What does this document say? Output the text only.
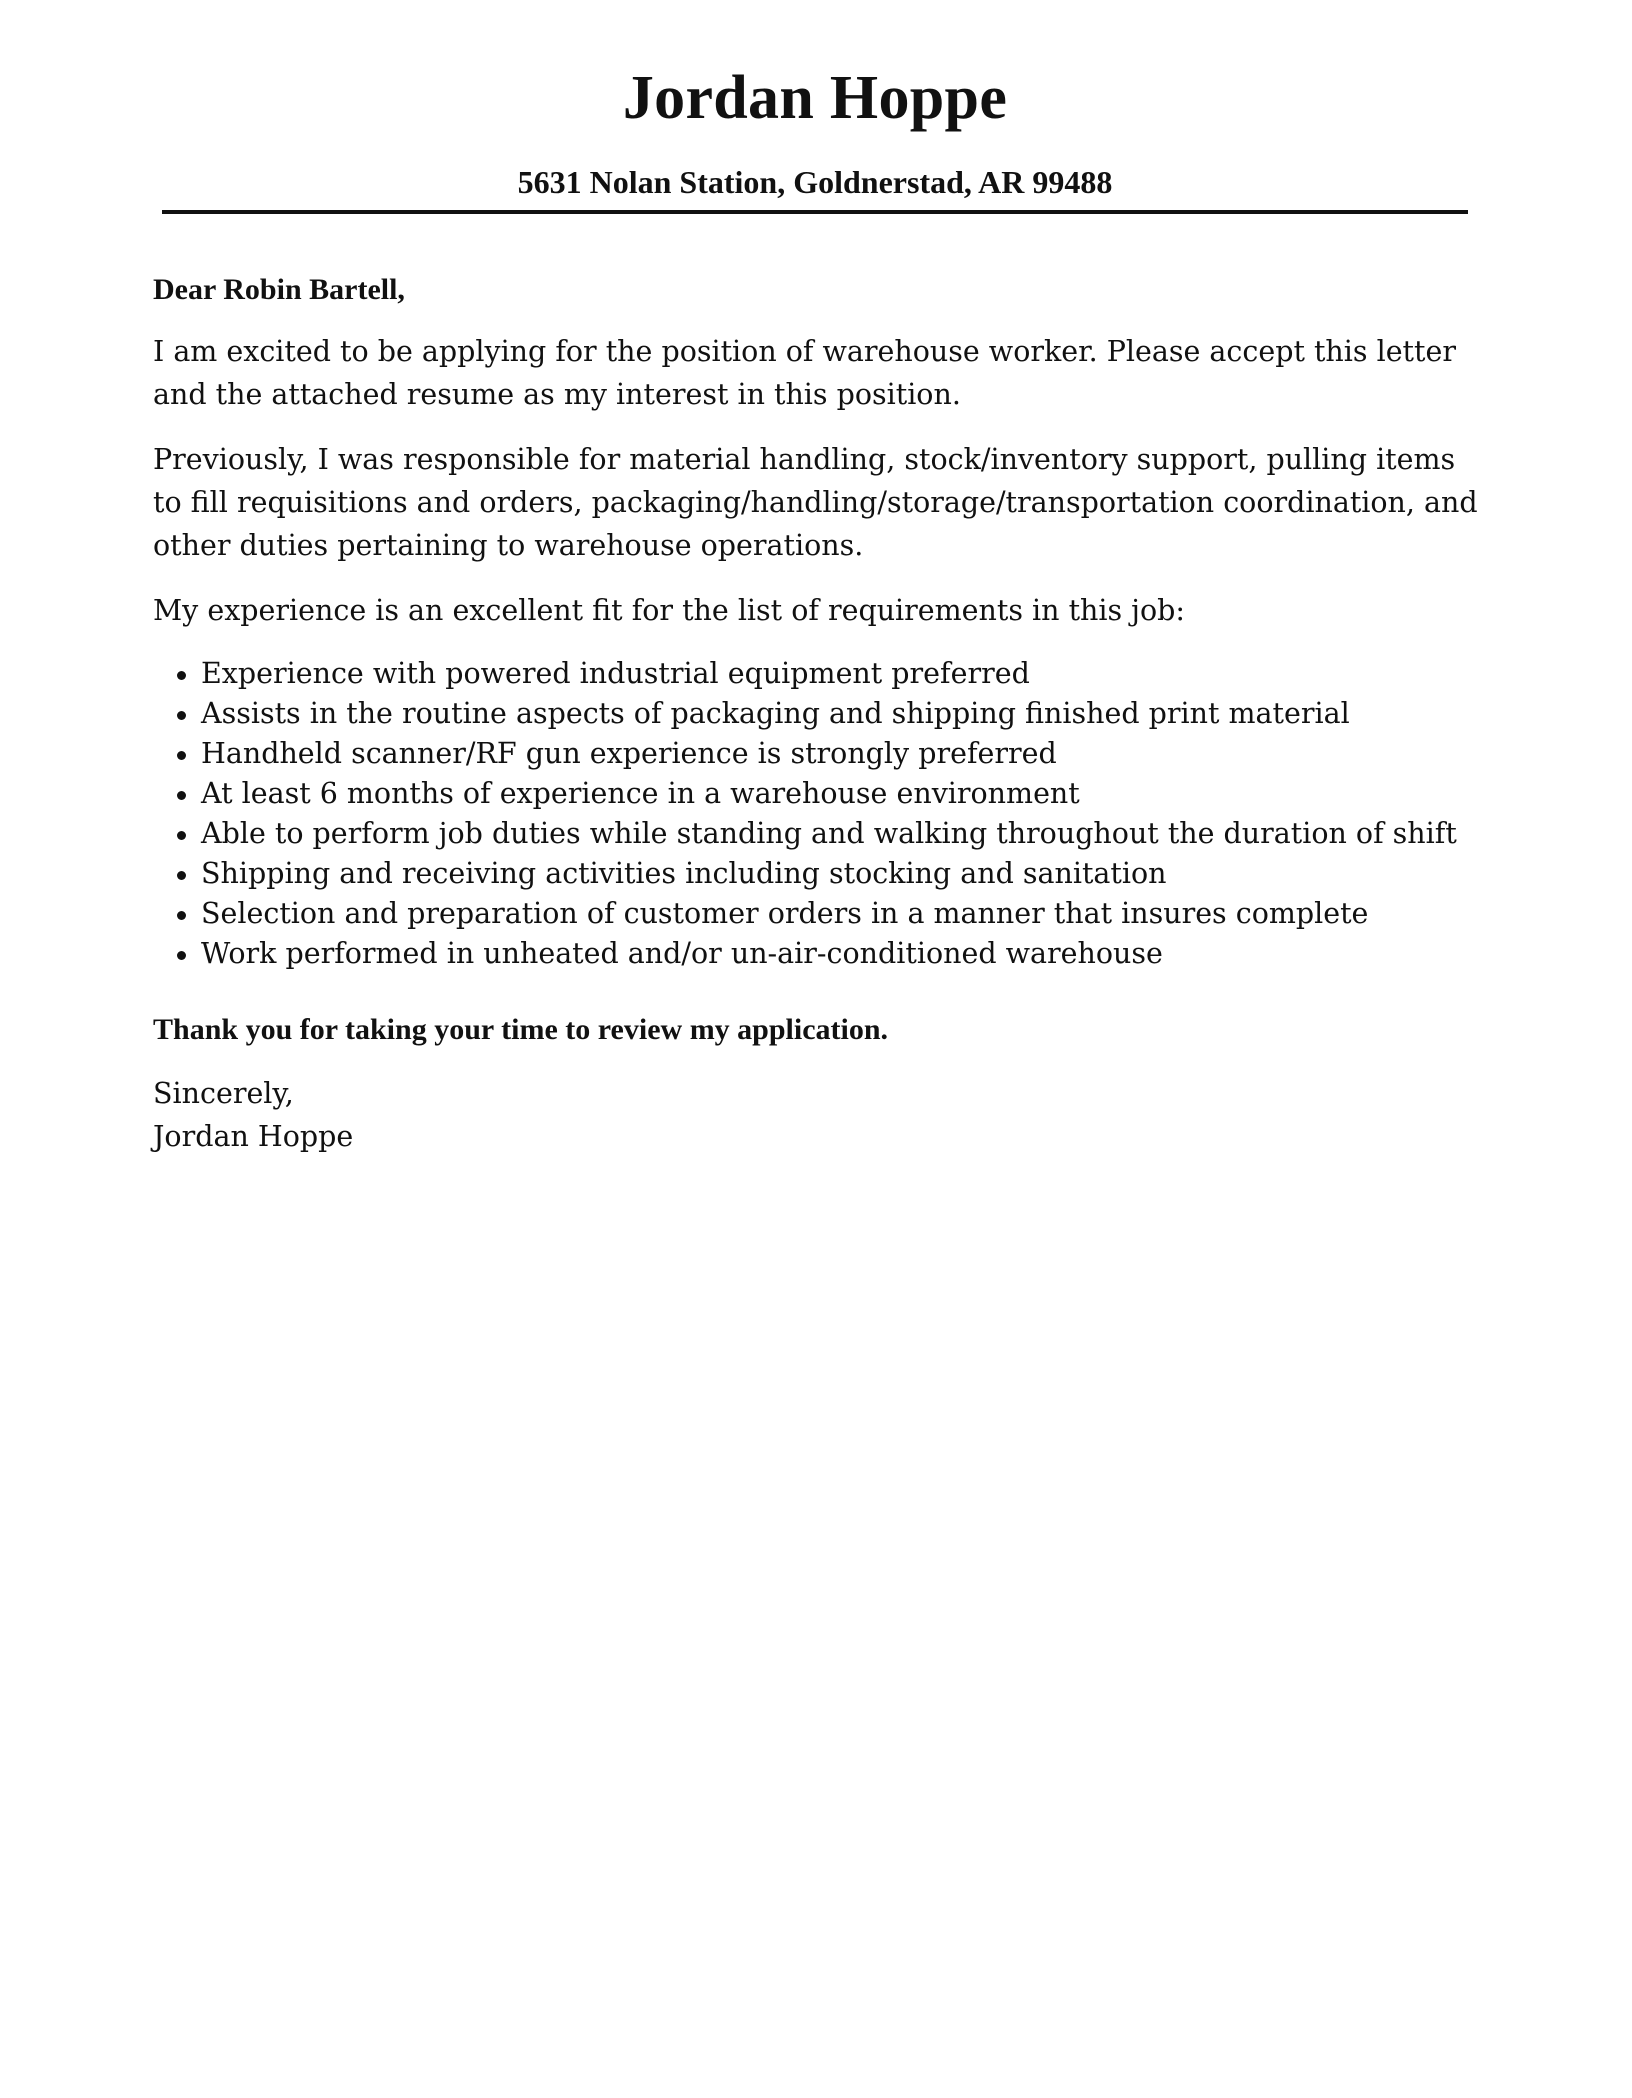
Jordan Hoppe
5631 Nolan Station, Goldnerstad, AR 99488
Dear Robin Bartell,

I am excited to be applying for the position of warehouse worker. Please accept this letter and the attached resume as my interest in this position.

Previously, I was responsible for material handling, stock/inventory support, pulling items to fill requisitions and orders, packaging/handling/storage/transportation coordination, and other duties pertaining to warehouse operations.

My experience is an excellent fit for the list of requirements in this job:

Experience with powered industrial equipment preferred
Assists in the routine aspects of packaging and shipping finished print material
Handheld scanner/RF gun experience is strongly preferred
At least 6 months of experience in a warehouse environment
Able to perform job duties while standing and walking throughout the duration of shift
Shipping and receiving activities including stocking and sanitation
Selection and preparation of customer orders in a manner that insures complete
Work performed in unheated and/or un-air-conditioned warehouse
Thank you for taking your time to review my application.

Sincerely,

Jordan Hoppe
